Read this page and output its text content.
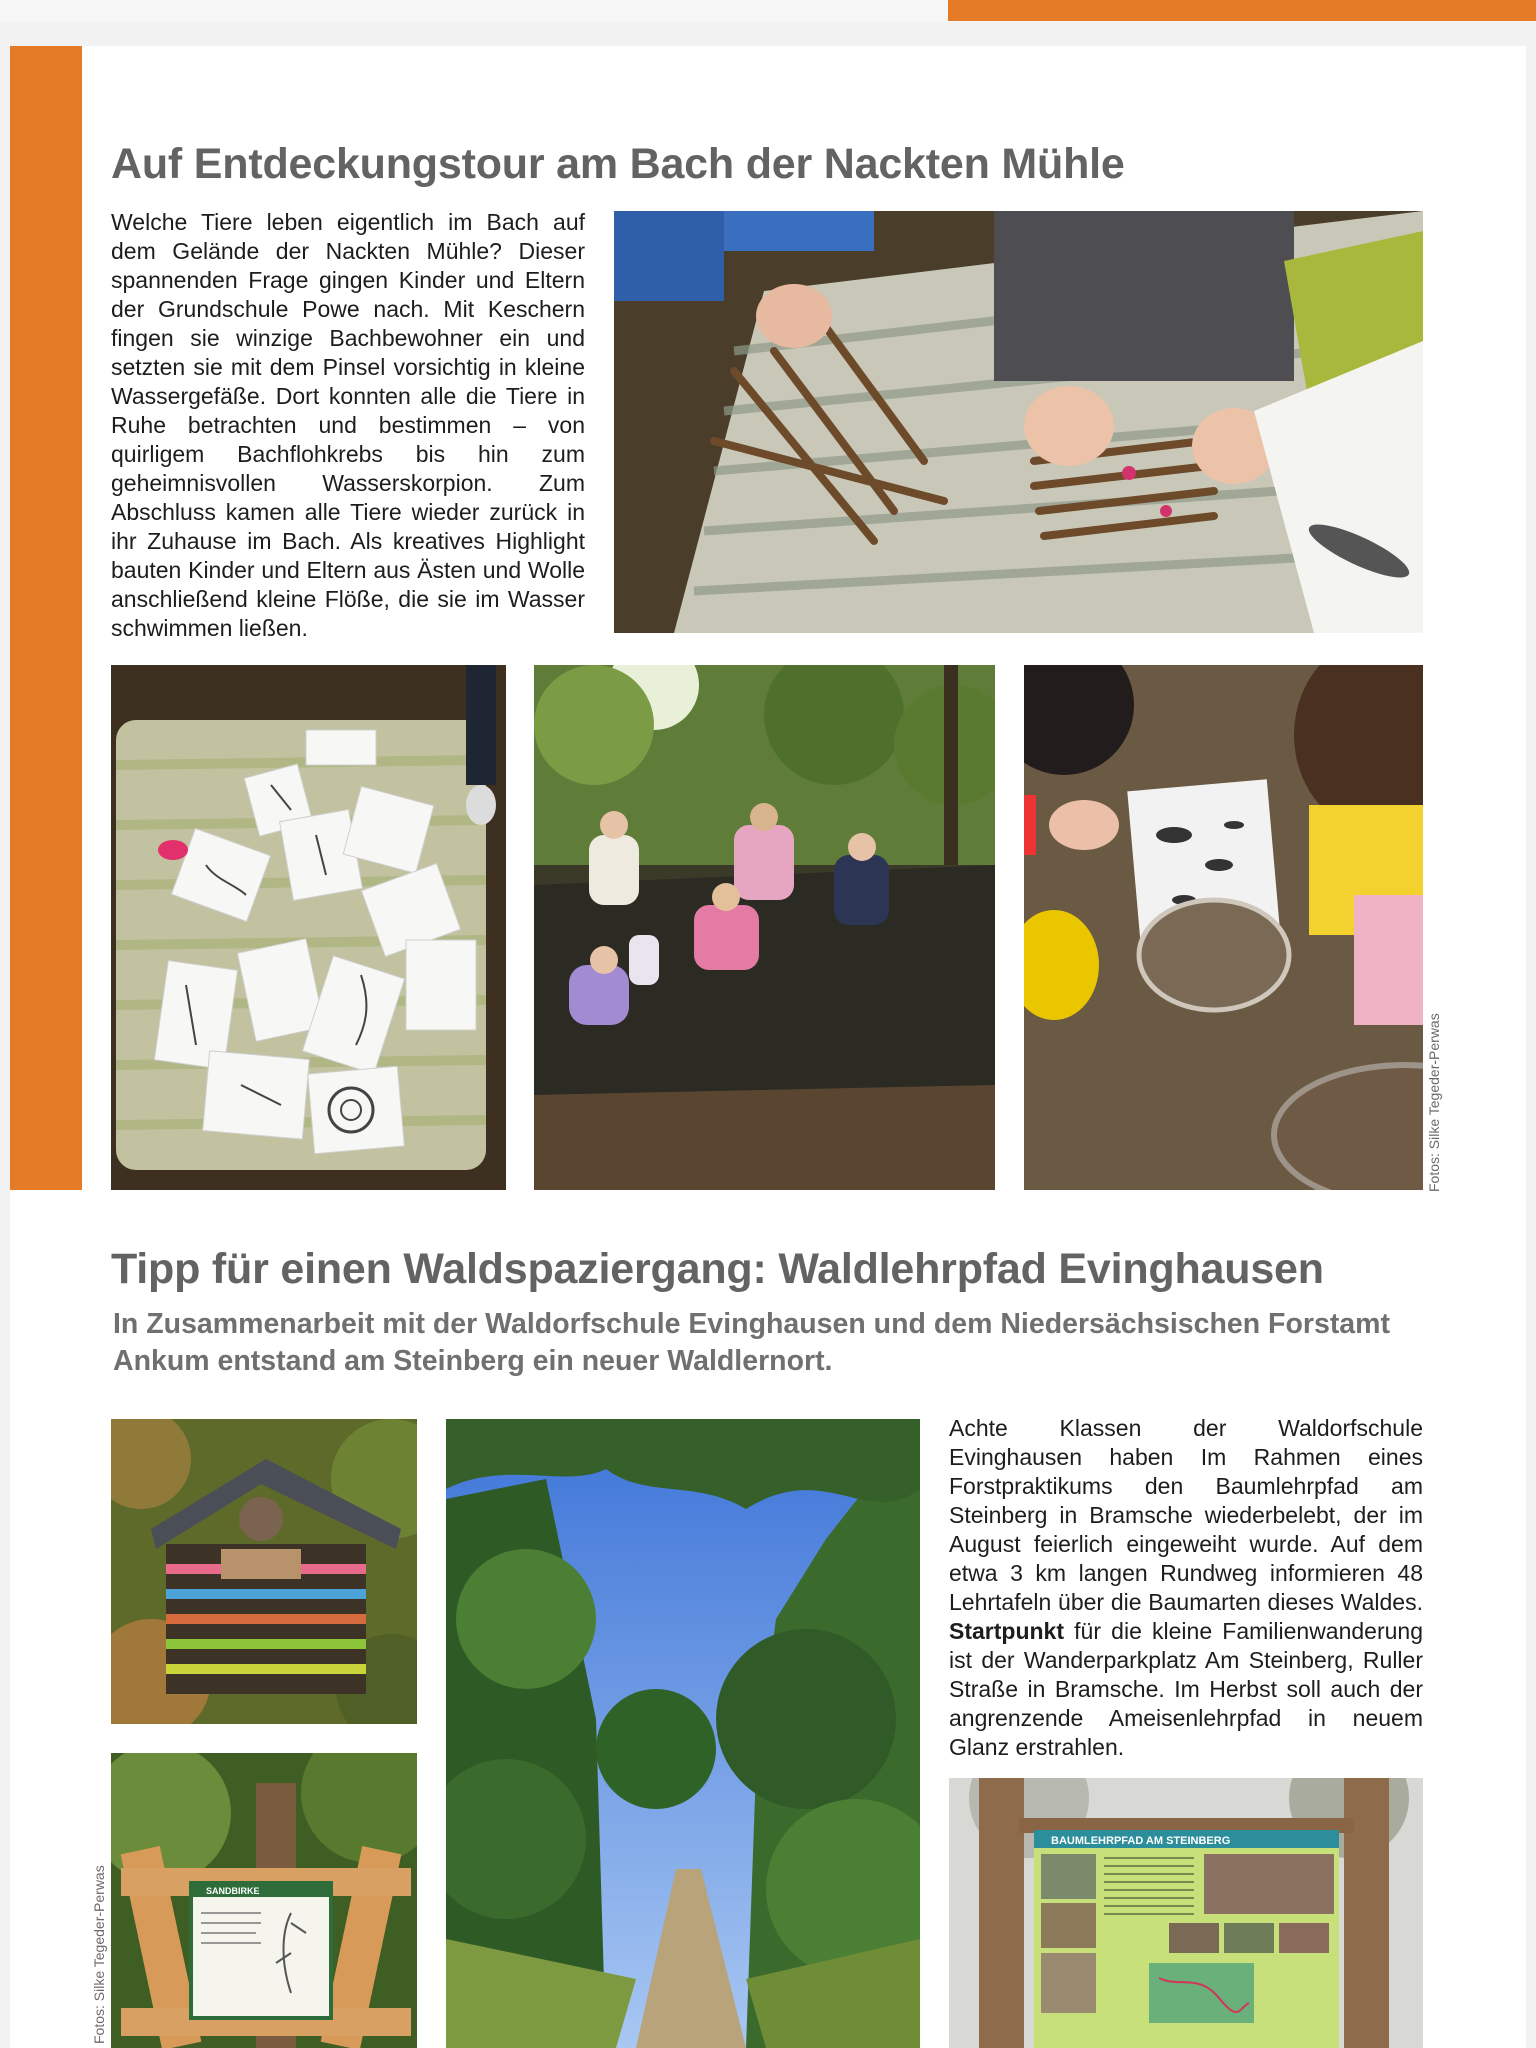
Auf Entdeckungstour am Bach der Nackten Mühle

Welche Tiere leben eigentlich im Bach auf dem Gelände der Nackten Mühle? Dieser spannenden Frage gingen Kinder und Eltern der Grundschule Powe nach. Mit Keschern fingen sie winzige Bachbewohner ein und setzten sie mit dem Pinsel vorsichtig in kleine Wassergefäße. Dort konnten alle die Tiere in Ruhe betrachten und bestimmen – von quirligem Bachflohkrebs bis hin zum geheimnisvollen Wasserskorpion. Zum Abschluss kamen alle Tiere wieder zurück in ihr Zuhause im Bach. Als kreatives Highlight bauten Kinder und Eltern aus Ästen und Wolle anschließend kleine Flöße, die sie im Wasser schwimmen ließen.

Fotos: Silke Tegeder-Perwas
Tipp für einen Waldspaziergang: Waldlehrpfad Evinghausen

In Zusammenarbeit mit der Waldorfschule Evinghausen und dem Niedersächsischen Forstamt Ankum entstand am Steinberg ein neuer Waldlernort.

SANDBIRKE

Achte Klassen der Waldorfschule Evinghausen haben Im Rahmen eines Forstpraktikums den Baumlehrpfad am Steinberg in Bramsche wiederbelebt, der im August feierlich eingeweiht wurde. Auf dem etwa 3 km langen Rundweg informieren 48 Lehrtafeln über die Baumarten dieses Waldes. Startpunkt für die kleine Familienwanderung ist der Wanderparkplatz Am Steinberg, Ruller Straße in Bramsche. Im Herbst soll auch der angrenzende Ameisenlehrpfad in neuem Glanz erstrahlen.

BAUMLEHRPFAD AM STEINBERG
Fotos: Silke Tegeder-Perwas
